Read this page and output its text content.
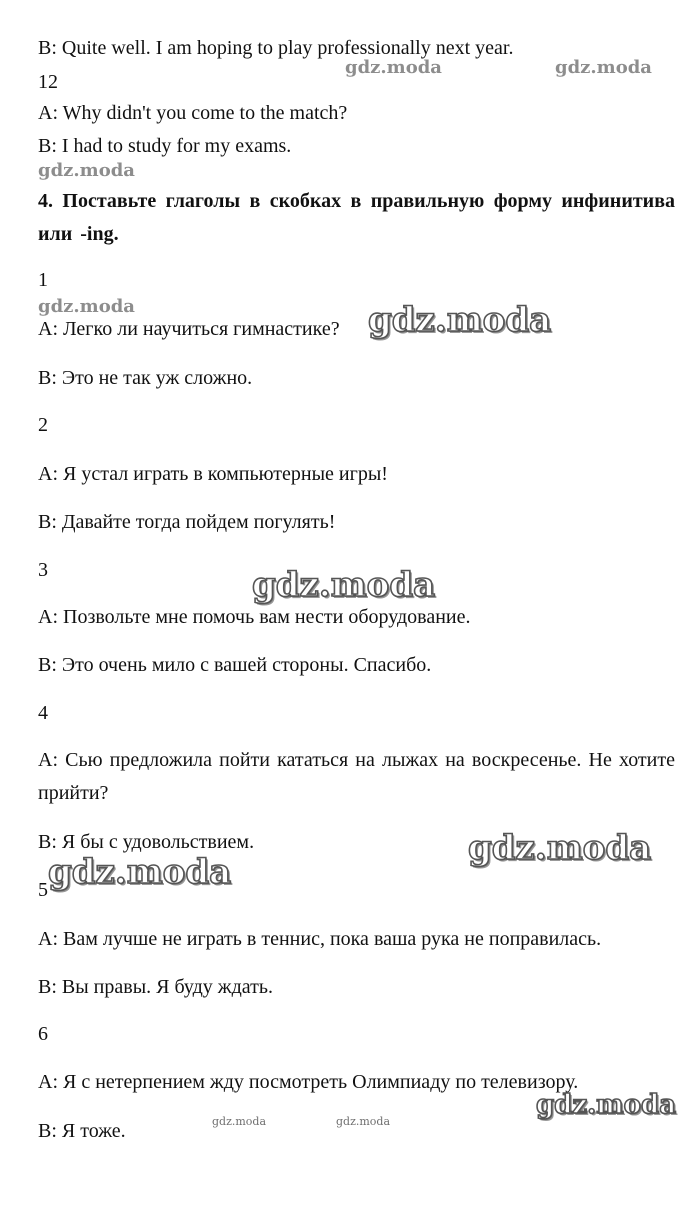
B: Quite well. I am hoping to play professionally next year.
12
A: Why didn't you come to the match?
B: I had to study for my exams.
4. Поставьте глаголы в скобках в правильную форму инфинитива или -ing.
1
А: Легко ли научиться гимнастике?
В: Это не так уж сложно.
2
А: Я устал играть в компьютерные игры!
В: Давайте тогда пойдем погулять!
3
А: Позвольте мне помочь вам нести оборудование.
В: Это очень мило с вашей стороны. Спасибо.
4
А: Сью предложила пойти кататься на лыжах на воскресенье. Не хотите прийти?
В: Я бы с удовольствием.
5
А: Вам лучше не играть в теннис, пока ваша рука не поправилась.
В: Вы правы. Я буду ждать.
6
А: Я с нетерпением жду посмотреть Олимпиаду по телевизору.
В: Я тоже.
gdz.moda	gdz.moda
gdz.moda
gdz.moda	gdz.moda
gdz.moda
gdz.moda
gdz.moda
gdz.moda
gdz.moda	gdz.moda
